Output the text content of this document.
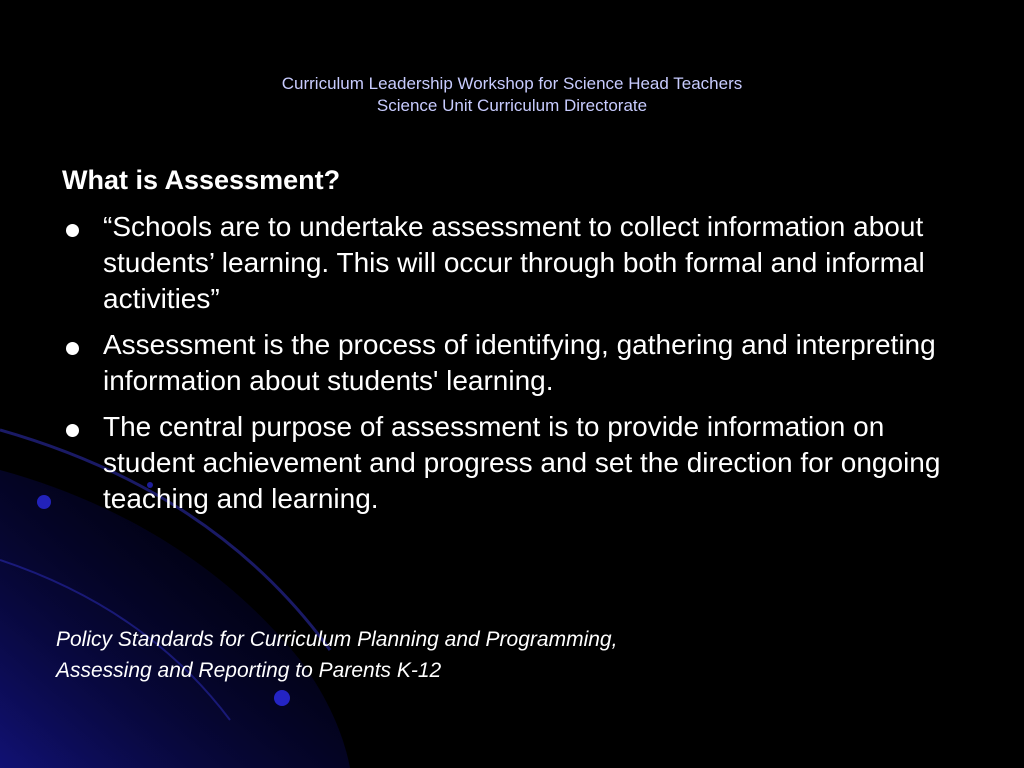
Curriculum Leadership Workshop for Science Head Teachers
Science Unit Curriculum Directorate
What is Assessment?
“Schools are to undertake assessment to collect information about students’ learning. This will occur through both formal and informal activities”
Assessment is the process of identifying, gathering and interpreting information about students' learning.
The central purpose of assessment is to provide information on student achievement and progress and set the direction for ongoing teaching and learning.
Policy Standards for Curriculum Planning and Programming,
Assessing and Reporting to Parents K-12
